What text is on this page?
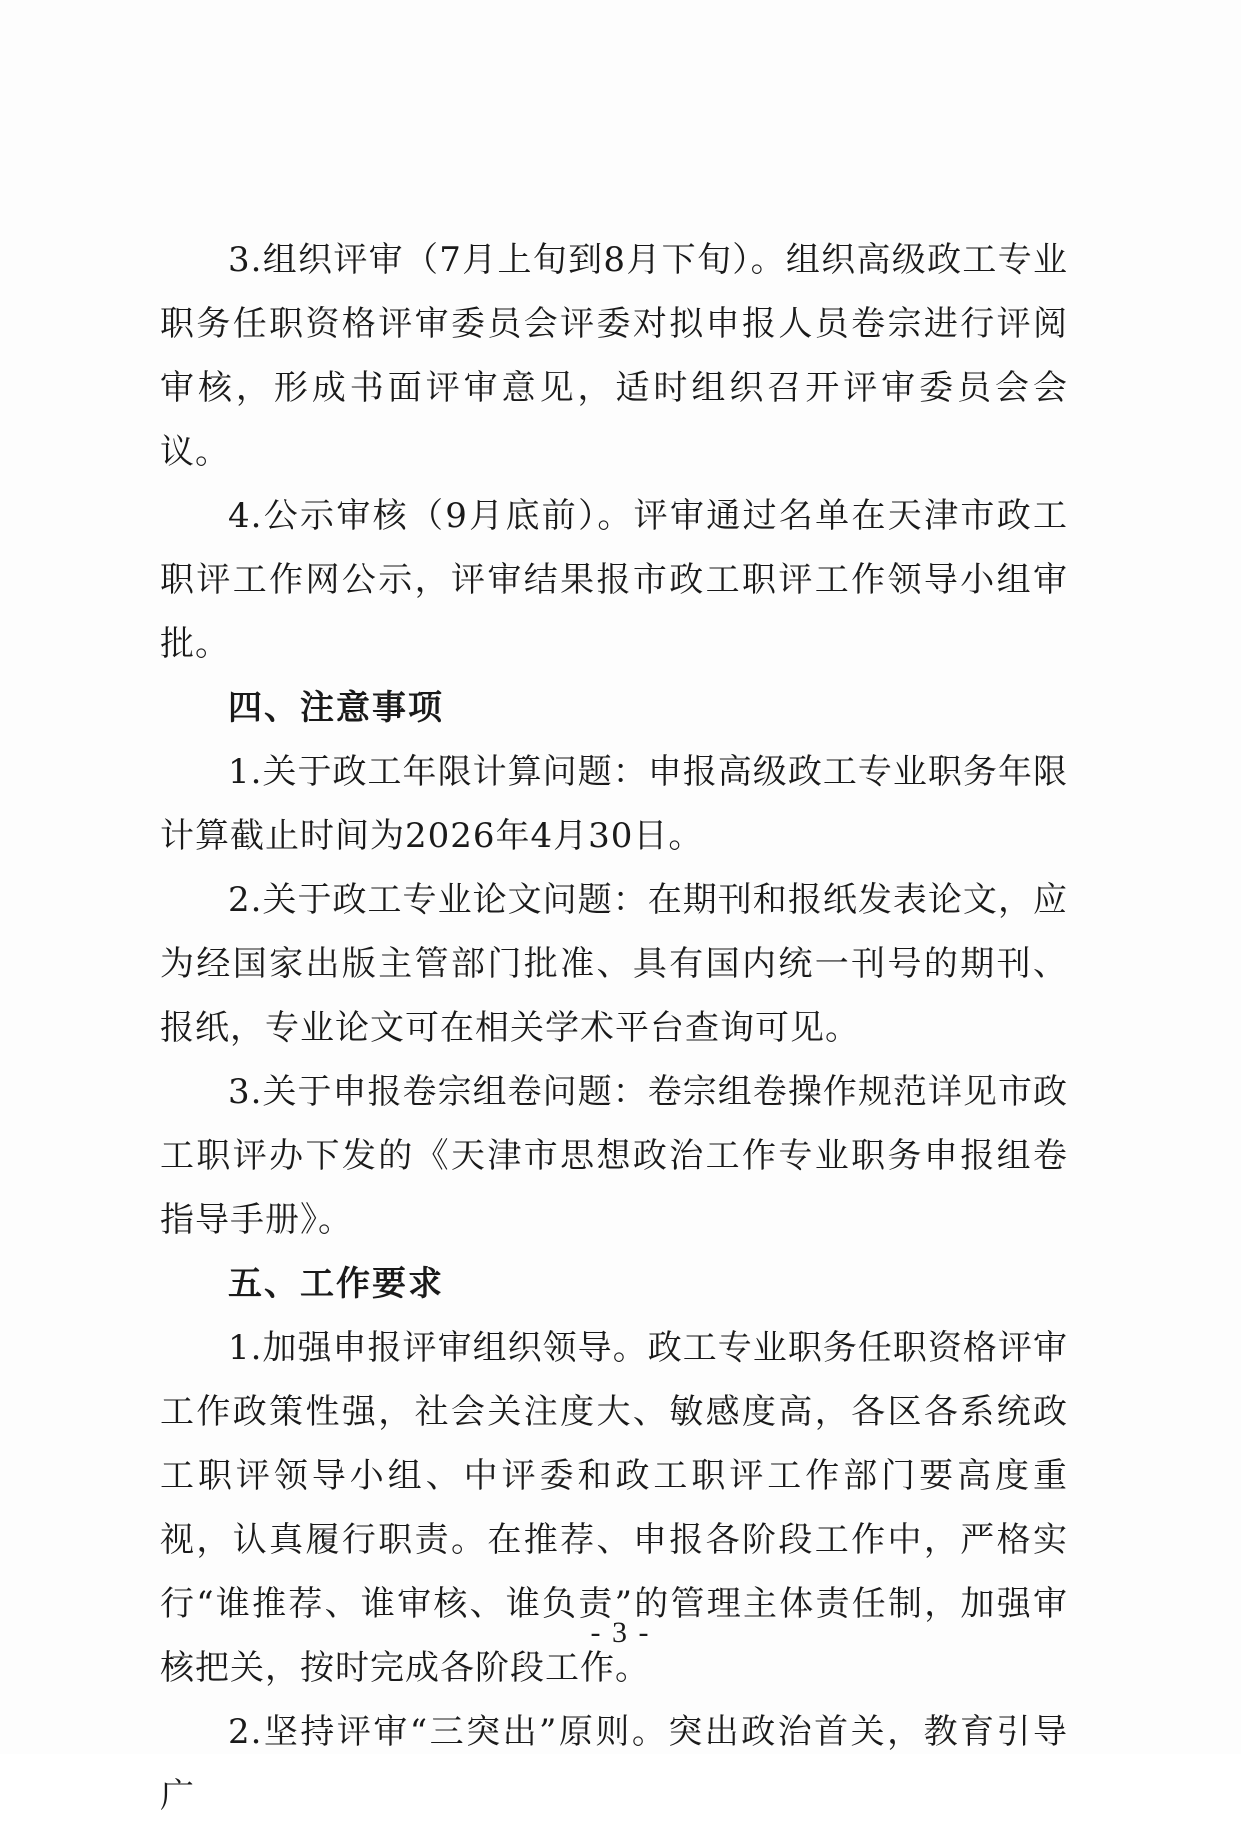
3.组织评审（7月上旬到8月下旬）。组织高级政工专业职务任职资格评审委员会评委对拟申报人员卷宗进行评阅审核，形成书面评审意见，适时组织召开评审委员会会议。

4.公示审核（9月底前）。评审通过名单在天津市政工职评工作网公示，评审结果报市政工职评工作领导小组审批。

四、注意事项

1.关于政工年限计算问题：申报高级政工专业职务年限计算截止时间为2026年4月30日。

2.关于政工专业论文问题：在期刊和报纸发表论文，应为经国家出版主管部门批准、具有国内统一刊号的期刊、报纸，专业论文可在相关学术平台查询可见。

3.关于申报卷宗组卷问题：卷宗组卷操作规范详见市政工职评办下发的《天津市思想政治工作专业职务申报组卷指导手册》。

五、工作要求

1.加强申报评审组织领导。政工专业职务任职资格评审工作政策性强，社会关注度大、敏感度高，各区各系统政工职评领导小组、中评委和政工职评工作部门要高度重视，认真履行职责。在推荐、申报各阶段工作中，严格实行“谁推荐、谁审核、谁负责”的管理主体责任制，加强审核把关，按时完成各阶段工作。

2.坚持评审“三突出”原则。突出政治首关，教育引导广

- 3 -
